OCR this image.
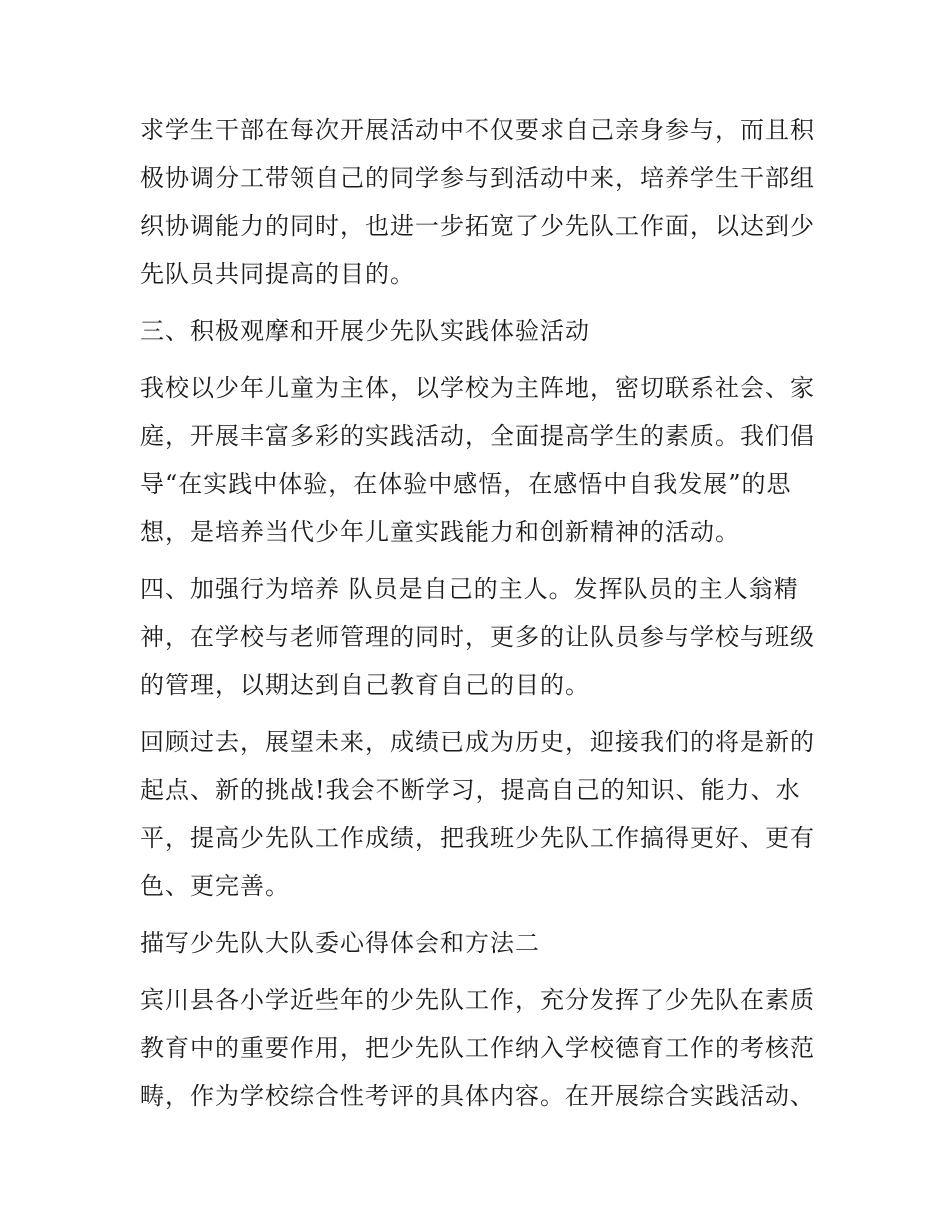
求学生干部在每次开展活动中不仅要求自己亲身参与，而且积
极协调分工带领自己的同学参与到活动中来，培养学生干部组
织协调能力的同时，也进一步拓宽了少先队工作面，以达到少
先队员共同提高的目的。

三、积极观摩和开展少先队实践体验活动

我校以少年儿童为主体，以学校为主阵地，密切联系社会、家
庭，开展丰富多彩的实践活动，全面提高学生的素质。我们倡
导“在实践中体验，在体验中感悟，在感悟中自我发展”的思
想，是培养当代少年儿童实践能力和创新精神的活动。

四、加强行为培养 队员是自己的主人。发挥队员的主人翁精
神，在学校与老师管理的同时，更多的让队员参与学校与班级
的管理，以期达到自己教育自己的目的。

回顾过去，展望未来，成绩已成为历史，迎接我们的将是新的
起点、新的挑战!我会不断学习，提高自己的知识、能力、水
平，提高少先队工作成绩，把我班少先队工作搞得更好、更有
色、更完善。

描写少先队大队委心得体会和方法二

宾川县各小学近些年的少先队工作，充分发挥了少先队在素质
教育中的重要作用，把少先队工作纳入学校德育工作的考核范
畴，作为学校综合性考评的具体内容。在开展综合实践活动、
